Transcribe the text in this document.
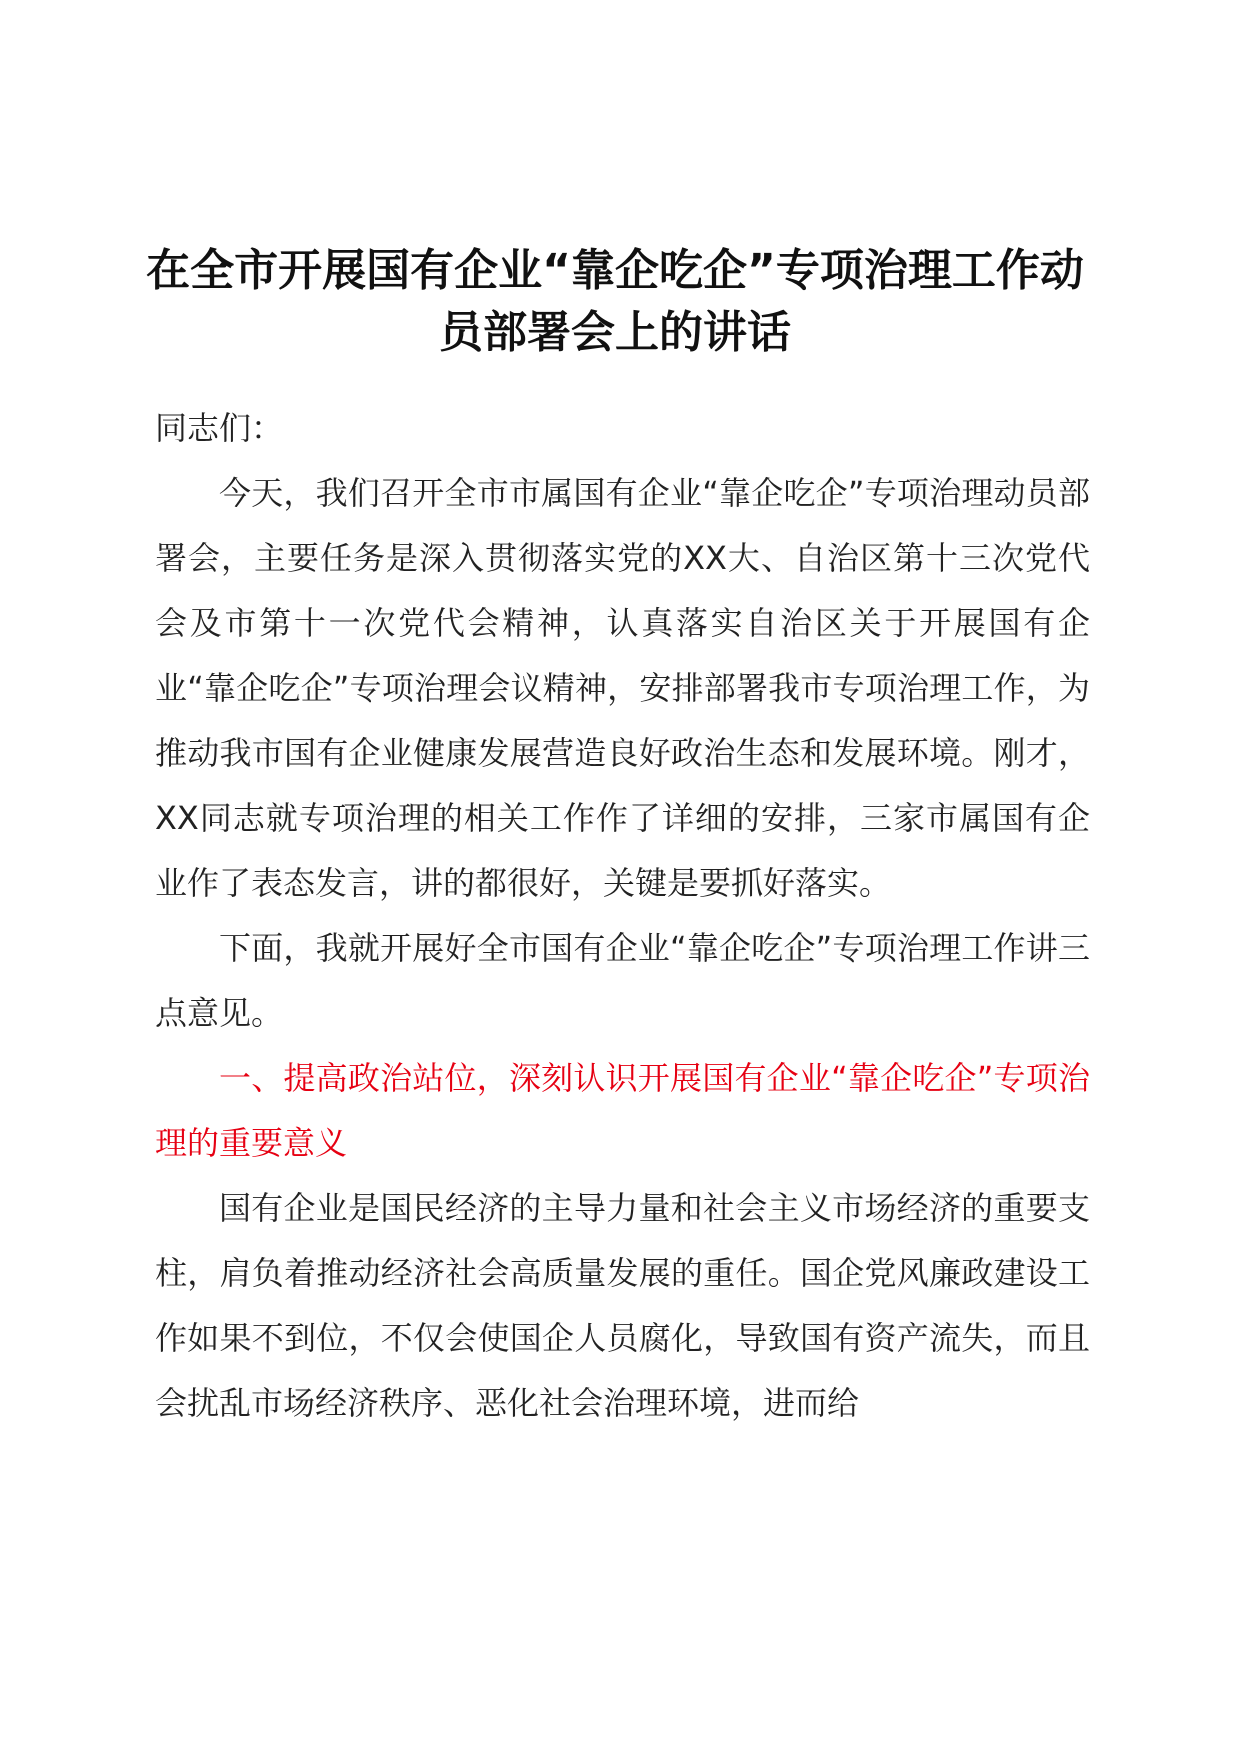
在全市开展国有企业“靠企吃企”专项治理工作动员部署会上的讲话

同志们：

今天，我们召开全市市属国有企业“靠企吃企”专项治理动员部署会，主要任务是深入贯彻落实党的XX大、自治区第十三次党代会及市第十一次党代会精神，认真落实自治区关于开展国有企业“靠企吃企”专项治理会议精神，安排部署我市专项治理工作，为推动我市国有企业健康发展营造良好政治生态和发展环境。刚才，XX同志就专项治理的相关工作作了详细的安排，三家市属国有企业作了表态发言，讲的都很好，关键是要抓好落实。

下面，我就开展好全市国有企业“靠企吃企”专项治理工作讲三点意见。

一、提高政治站位，深刻认识开展国有企业“靠企吃企”专项治理的重要意义

国有企业是国民经济的主导力量和社会主义市场经济的重要支柱，肩负着推动经济社会高质量发展的重任。国企党风廉政建设工作如果不到位，不仅会使国企人员腐化，导致国有资产流失，而且会扰乱市场经济秩序、恶化社会治理环境，进而给
